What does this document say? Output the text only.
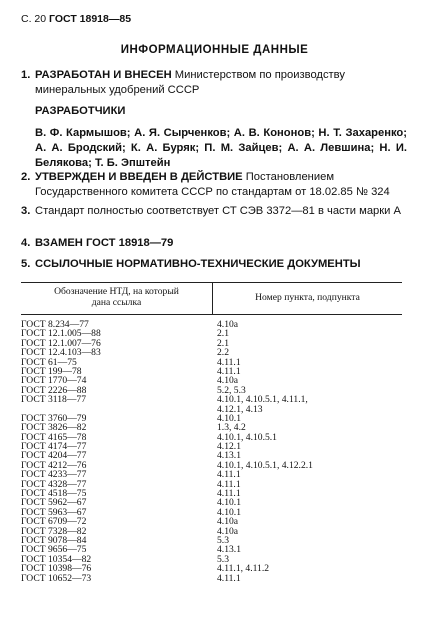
С. 20 ГОСТ 18918—85
ИНФОРМАЦИОННЫЕ ДАННЫЕ
1. РАЗРАБОТАН И ВНЕСЕН Министерством по производству минеральных удобрений СССР
РАЗРАБОТЧИКИ
В. Ф. Кармышов; А. Я. Сырченков; А. В. Кононов; Н. Т. Захаренко; А. А. Бродский; К. А. Буряк; П. М. Зайцев; А. А. Левшина; Н. И. Белякова; Т. Б. Эпштейн
2. УТВЕРЖДЕН И ВВЕДЕН В ДЕЙСТВИЕ Постановлением Государственного комитета СССР по стандартам от 18.02.85 № 324
3. Стандарт полностью соответствует СТ СЭВ 3372—81 в части марки А
4. ВЗАМЕН ГОСТ 18918—79
5. ССЫЛОЧНЫЕ НОРМАТИВНО-ТЕХНИЧЕСКИЕ ДОКУМЕНТЫ
Обозначение НТД, на который
дана ссылка	Номер пункта, подпункта
ГОСТ 8.234—77	4.10а
ГОСТ 12.1.005—88	2.1
ГОСТ 12.1.007—76	2.1
ГОСТ 12.4.103—83	2.2
ГОСТ 61—75	4.11.1
ГОСТ 199—78	4.11.1
ГОСТ 1770—74	4.10а
ГОСТ 2226—88	5.2, 5.3
ГОСТ 3118—77	4.10.1, 4.10.5.1, 4.11.1,
4.12.1, 4.13
ГОСТ 3760—79	4.10.1
ГОСТ 3826—82	1.3, 4.2
ГОСТ 4165—78	4.10.1, 4.10.5.1
ГОСТ 4174—77	4.12.1
ГОСТ 4204—77	4.13.1
ГОСТ 4212—76	4.10.1, 4.10.5.1, 4.12.2.1
ГОСТ 4233—77	4.11.1
ГОСТ 4328—77	4.11.1
ГОСТ 4518—75	4.11.1
ГОСТ 5962—67	4.10.1
ГОСТ 5963—67	4.10.1
ГОСТ 6709—72	4.10а
ГОСТ 7328—82	4.10а
ГОСТ 9078—84	5.3
ГОСТ 9656—75	4.13.1
ГОСТ 10354—82	5.3
ГОСТ 10398—76	4.11.1, 4.11.2
ГОСТ 10652—73	4.11.1
